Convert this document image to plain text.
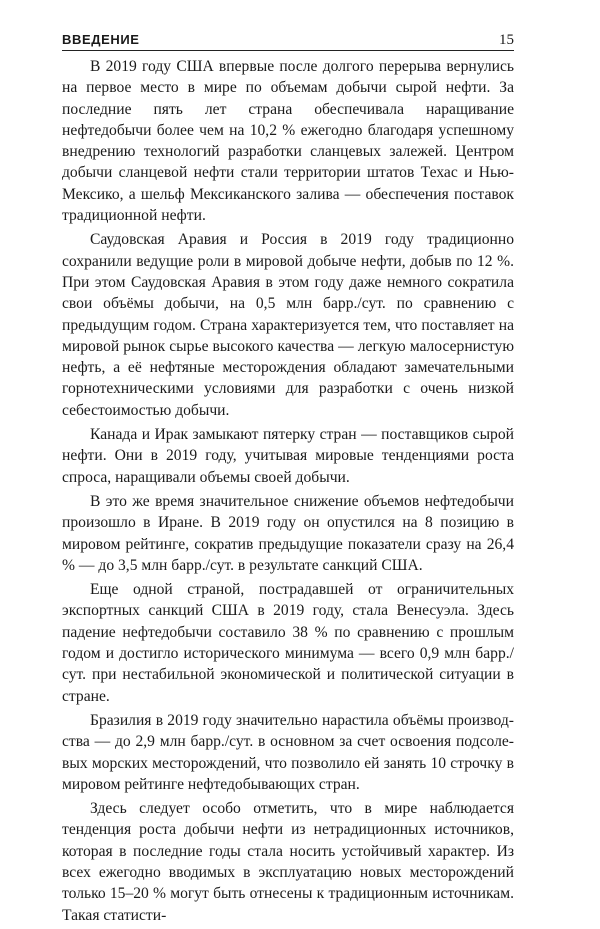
ВВЕДЕНИЕ	15

В 2019 году США впервые после долгого перерыва вернулись на первое место в мире по объемам добычи сырой нефти. За последние пять лет страна обеспечивала наращивание нефтедобычи более чем на 10,2 % ежегодно благодаря успешному внедрению технологий разработки сланцевых залежей. Центром добычи сланцевой нефти стали территории штатов Техас и Нью-Мексико, а шельф Мексиканского залива — обеспечения поставок традиционной нефти.

Саудовская Аравия и Россия в 2019 году традиционно сохранили ведущие роли в мировой добыче нефти, добыв по 12 %. При этом Саудовская Аравия в этом году даже немного сократила свои объёмы добычи, на 0,5 млн барр./сут. по сравнению с предыдущим годом. Страна характеризуется тем, что поставляет на мировой рынок сырье высокого качества — легкую малосернистую нефть, а её нефтяные месторождения обладают замечательными горнотехническими условиями для разработки с очень низкой себестоимостью добычи.

Канада и Ирак замыкают пятерку стран — поставщиков сырой нефти. Они в 2019 году, учитывая мировые тенденциями роста спроса, наращивали объемы своей добычи.

В это же время значительное снижение объемов нефтедобычи произошло в Иране. В 2019 году он опустился на 8 позицию в мировом рейтинге, сократив предыдущие показатели сразу на 26,4 % — до 3,5 млн барр./сут. в результате санкций США.

Еще одной страной, пострадавшей от ограничительных экспортных санкций США в 2019 году, стала Венесуэла. Здесь падение нефтедобычи составило 38 % по сравнению с прошлым годом и достигло исторического минимума — всего 0,9 млн барр./сут. при нестабильной экономической и политической ситуации в стране.

Бразилия в 2019 году значительно нарастила объёмы производства — до 2,9 млн барр./сут. в основном за счет освоения подсолевых морских месторождений, что позволило ей занять 10 строчку в мировом рейтинге нефтедобывающих стран.

Здесь следует особо отметить, что в мире наблюдается тенденция роста добычи нефти из нетрадиционных источников, которая в последние годы стала носить устойчивый характер. Из всех ежегодно вводимых в эксплуатацию новых месторождений только 15–20 % могут быть отнесены к традиционным источникам. Такая статисти-
